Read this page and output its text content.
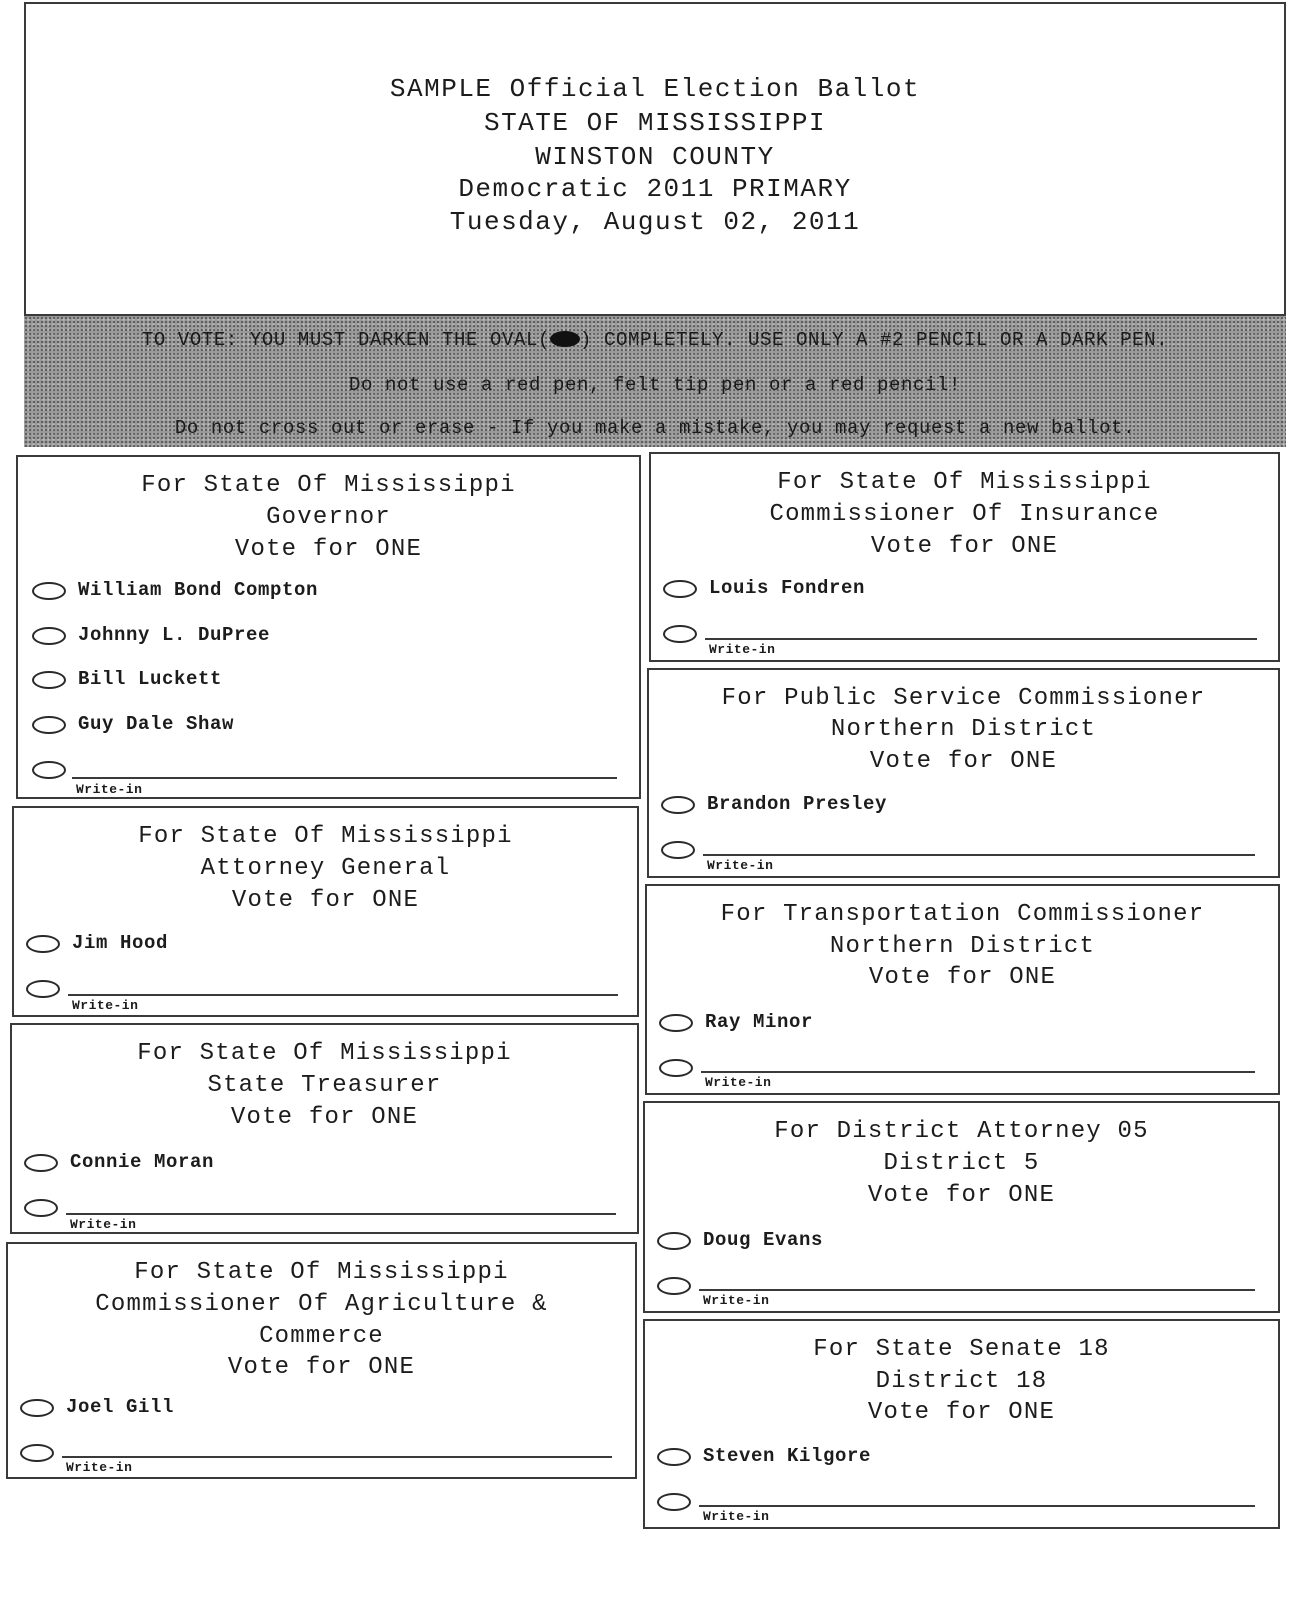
SAMPLE Official Election Ballot
STATE OF MISSISSIPPI
WINSTON COUNTY
Democratic 2011 PRIMARY
Tuesday, August 02, 2011
TO VOTE: YOU MUST DARKEN THE OVAL( ) COMPLETELY. USE ONLY A #2 PENCIL OR A DARK PEN.
Do not use a red pen, felt tip pen or a red pencil!
Do not cross out or erase - If you make a mistake, you may request a new ballot.
For State Of Mississippi
Governor
Vote for ONE
William Bond Compton
Johnny L. DuPree
Bill Luckett
Guy Dale Shaw
Write-in
For State Of Mississippi
Attorney General
Vote for ONE
Jim Hood
Write-in
For State Of Mississippi
State Treasurer
Vote for ONE
Connie Moran
Write-in
For State Of Mississippi
Commissioner Of Agriculture &
Commerce
Vote for ONE
Joel Gill
Write-in
For State Of Mississippi
Commissioner Of Insurance
Vote for ONE
Louis Fondren
Write-in
For Public Service Commissioner
Northern District
Vote for ONE
Brandon Presley
Write-in
For Transportation Commissioner
Northern District
Vote for ONE
Ray Minor
Write-in
For District Attorney 05
District 5
Vote for ONE
Doug Evans
Write-in
For State Senate 18
District 18
Vote for ONE
Steven Kilgore
Write-in
